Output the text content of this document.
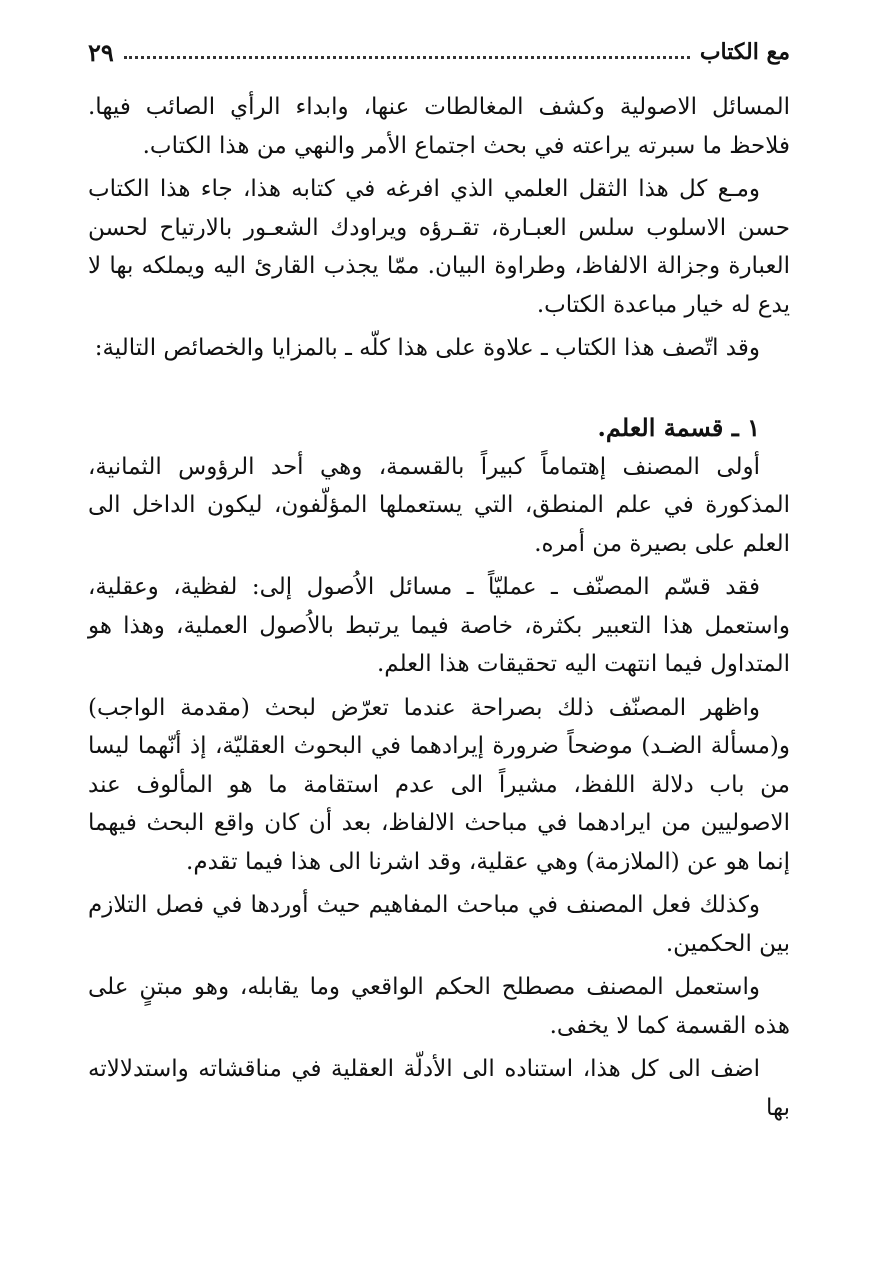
مع الكتاب
٢٩

المسائل الاصولية وكشف المغالطات عنها، وابداء الرأي الصائب فيها. فلاحظ ما سبرته يراعته في بحث اجتماع الأمر والنهي من هذا الكتاب.

ومـع كل هذا الثقل العلمي الذي افرغه في كتابه هذا، جاء هذا الكتاب حسن الاسلوب سلس العبـارة، تقـرؤه ويراودك الشعـور بالارتياح لحسن العبارة وجزالة الالفاظ، وطراوة البيان. ممّا يجذب القارئ اليه ويملكه بها لا يدع له خيار مباعدة الكتاب.

وقد اتّصف هذا الكتاب ـ علاوة على هذا كلّه ـ بالمزايا والخصائص التالية:

١ ـ قسمة العلم.

أولى المصنف إهتماماً كبيراً بالقسمة، وهي أحد الرؤوس الثمانية، المذكورة في علم المنطق، التي يستعملها المؤلّفون، ليكون الداخل الى العلم على بصيرة من أمره.

فقد قسّم المصنّف ـ عمليّاً ـ مسائل الاُصول إلى: لفظية، وعقلية، واستعمل هذا التعبير بكثرة، خاصة فيما يرتبط بالاُصول العملية، وهذا هو المتداول فيما انتهت اليه تحقيقات هذا العلم.

واظهر المصنّف ذلك بصراحة عندما تعرّض لبحث (مقدمة الواجب) و(مسألة الضـد) موضحاً ضرورة إيرادهما في البحوث العقليّة، إذ أنّهما ليسا من باب دلالة اللفظ، مشيراً الى عدم استقامة ما هو المألوف عند الاصوليين من ايرادهما في مباحث الالفاظ، بعد أن كان واقع البحث فيهما إنما هو عن (الملازمة) وهي عقلية، وقد اشرنا الى هذا فيما تقدم.

وكذلك فعل المصنف في مباحث المفاهيم حيث أوردها في فصل التلازم بين الحكمين.

واستعمل المصنف مصطلح الحكم الواقعي وما يقابله، وهو مبتنٍ على هذه القسمة كما لا يخفى.

اضف الى كل هذا، استناده الى الأدلّة العقلية في مناقشاته واستدلالاته بها
